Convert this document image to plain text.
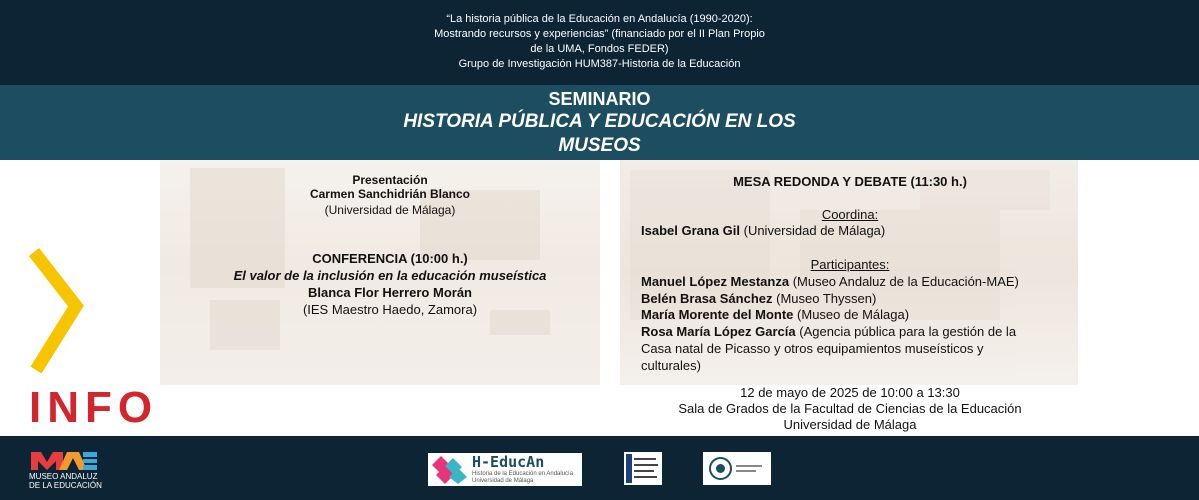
“La historia pública de la Educación en Andalucía (1990-2020):
Mostrando recursos y experiencias” (financiado por el II Plan Propio
de la UMA, Fondos FEDER)
Grupo de Investigación HUM387-Historia de la Educación
SEMINARIO
HISTORIA PÚBLICA Y EDUCACIÓN EN LOS
MUSEOS
INFO
Presentación
Carmen Sanchidrián Blanco
(Universidad de Málaga)
CONFERENCIA (10:00 h.)
El valor de la inclusión en la educación museística
Blanca Flor Herrero Morán
(IES Maestro Haedo, Zamora)
MESA REDONDA Y DEBATE (11:30 h.)
Coordina:
Isabel Grana Gil (Universidad de Málaga)
Participantes:
Manuel López Mestanza (Museo Andaluz de la Educación-MAE)
Belén Brasa Sánchez (Museo Thyssen)
María Morente del Monte (Museo de Málaga)
Rosa María López García (Agencia pública para la gestión de la
Casa natal de Picasso y otros equipamientos museísticos y
culturales)
12 de mayo de 2025 de 10:00 a 13:30
Sala de Grados de la Facultad de Ciencias de la Educación
Universidad de Málaga
MUSEO ANDALUZ
DE LA EDUCACIÓN
H-EducAn
Historia de la Educación en Andalucía
Universidad de Málaga
